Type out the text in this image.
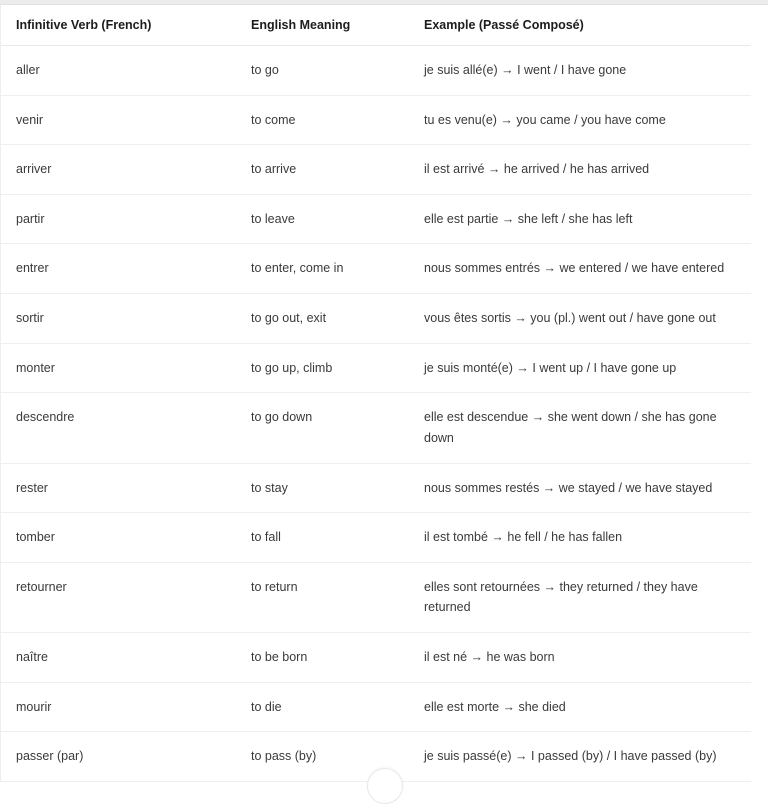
Infinitive Verb (French)	English Meaning	Example (Passé Composé)
aller	to go	je suis allé(e) → I went / I have gone
venir	to come	tu es venu(e) → you came / you have come
arriver	to arrive	il est arrivé → he arrived / he has arrived
partir	to leave	elle est partie → she left / she has left
entrer	to enter, come in	nous sommes entrés → we entered / we have entered
sortir	to go out, exit	vous êtes sortis → you (pl.) went out / have gone out
monter	to go up, climb	je suis monté(e) → I went up / I have gone up
descendre	to go down	elle est descendue → she went down / she has gone down
rester	to stay	nous sommes restés → we stayed / we have stayed
tomber	to fall	il est tombé → he fell / he has fallen
retourner	to return	elles sont retournées → they returned / they have returned
naître	to be born	il est né → he was born
mourir	to die	elle est morte → she died
passer (par)	to pass (by)	je suis passé(e) → I passed (by) / I have passed (by)
